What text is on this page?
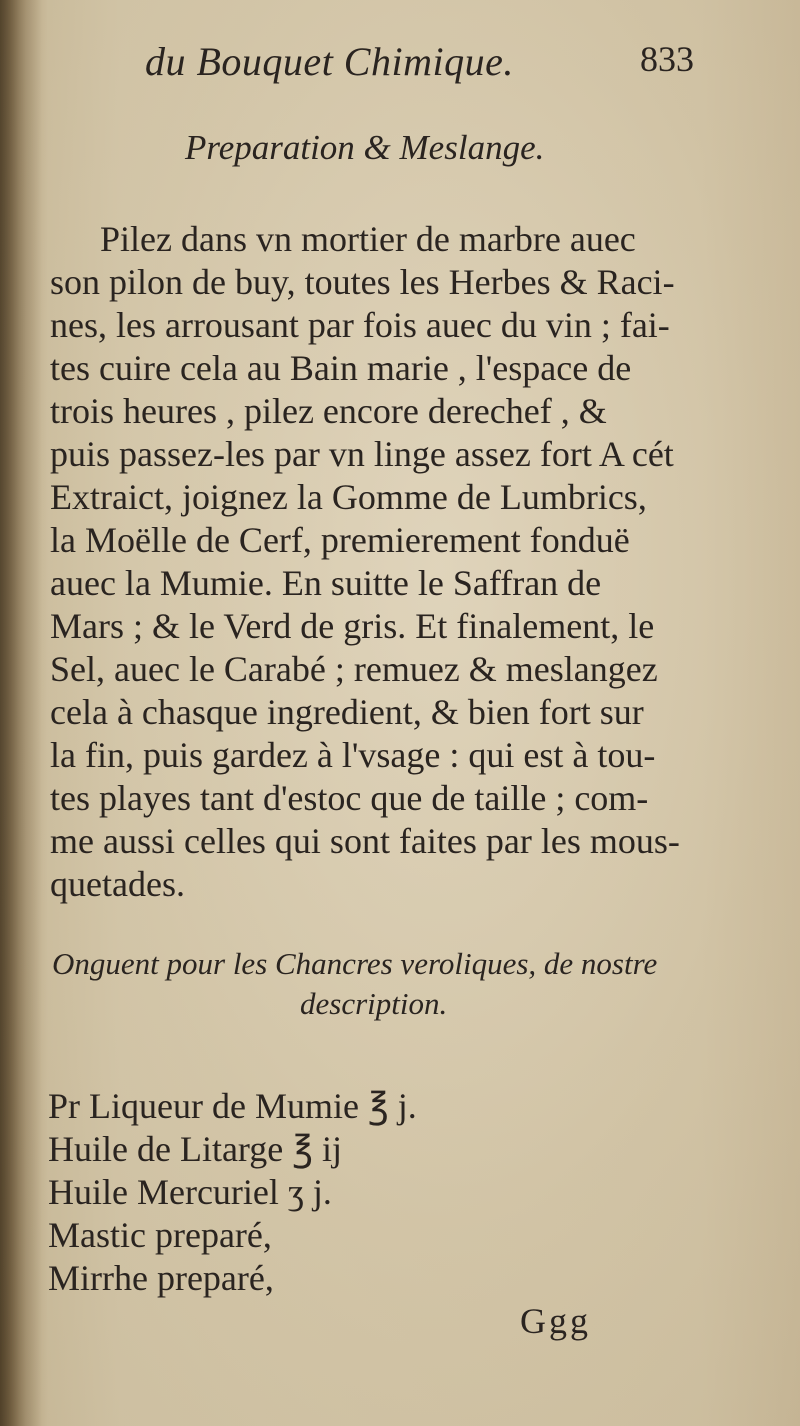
du Bouquet Chimique.	833
Preparation & Meslange.
Pilez dans vn mortier de marbre auec
son pilon de buy, toutes les Herbes & Raci-
nes, les arrousant par fois auec du vin ; fai-
tes cuire cela au Bain marie , l'espace de
trois heures , pilez encore derechef , &
puis passez-les par vn linge assez fort A cét
Extraict, joignez la Gomme de Lumbrics,
la Moëlle de Cerf, premierement fonduë
auec la Mumie. En suitte le Saffran de
Mars ; & le Verd de gris. Et finalement, le
Sel, auec le Carabé ; remuez & meslangez
cela à chasque ingredient, & bien fort sur
la fin, puis gardez à l'vsage : qui est à tou-
tes playes tant d'estoc que de taille ; com-
me aussi celles qui sont faites par les mous-
quetades.
Onguent pour les Chancres veroliques, de nostre
description.
Pr Liqueur de Mumie ℥ j.
Huile de Litarge ℥ ij
Huile Mercuriel ʒ j.
Mastic preparé,
Mirrhe preparé,
Ggg
